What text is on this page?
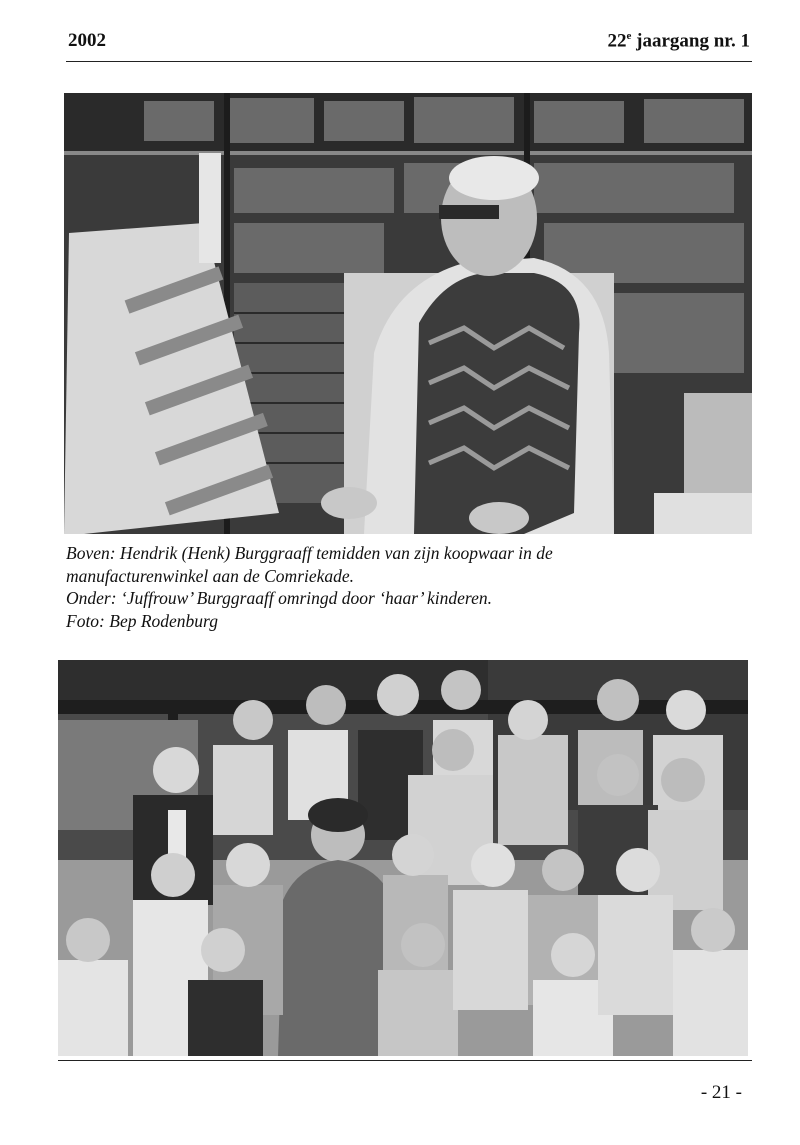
2002	22e jaargang nr. 1
Boven: Hendrik (Henk) Burggraaff temidden van zijn koopwaar in de
manufacturenwinkel aan de Comriekade.
Onder: ‘Juffrouw’ Burggraaff omringd door ‘haar’ kinderen.
Foto: Bep Rodenburg
- 21 -
